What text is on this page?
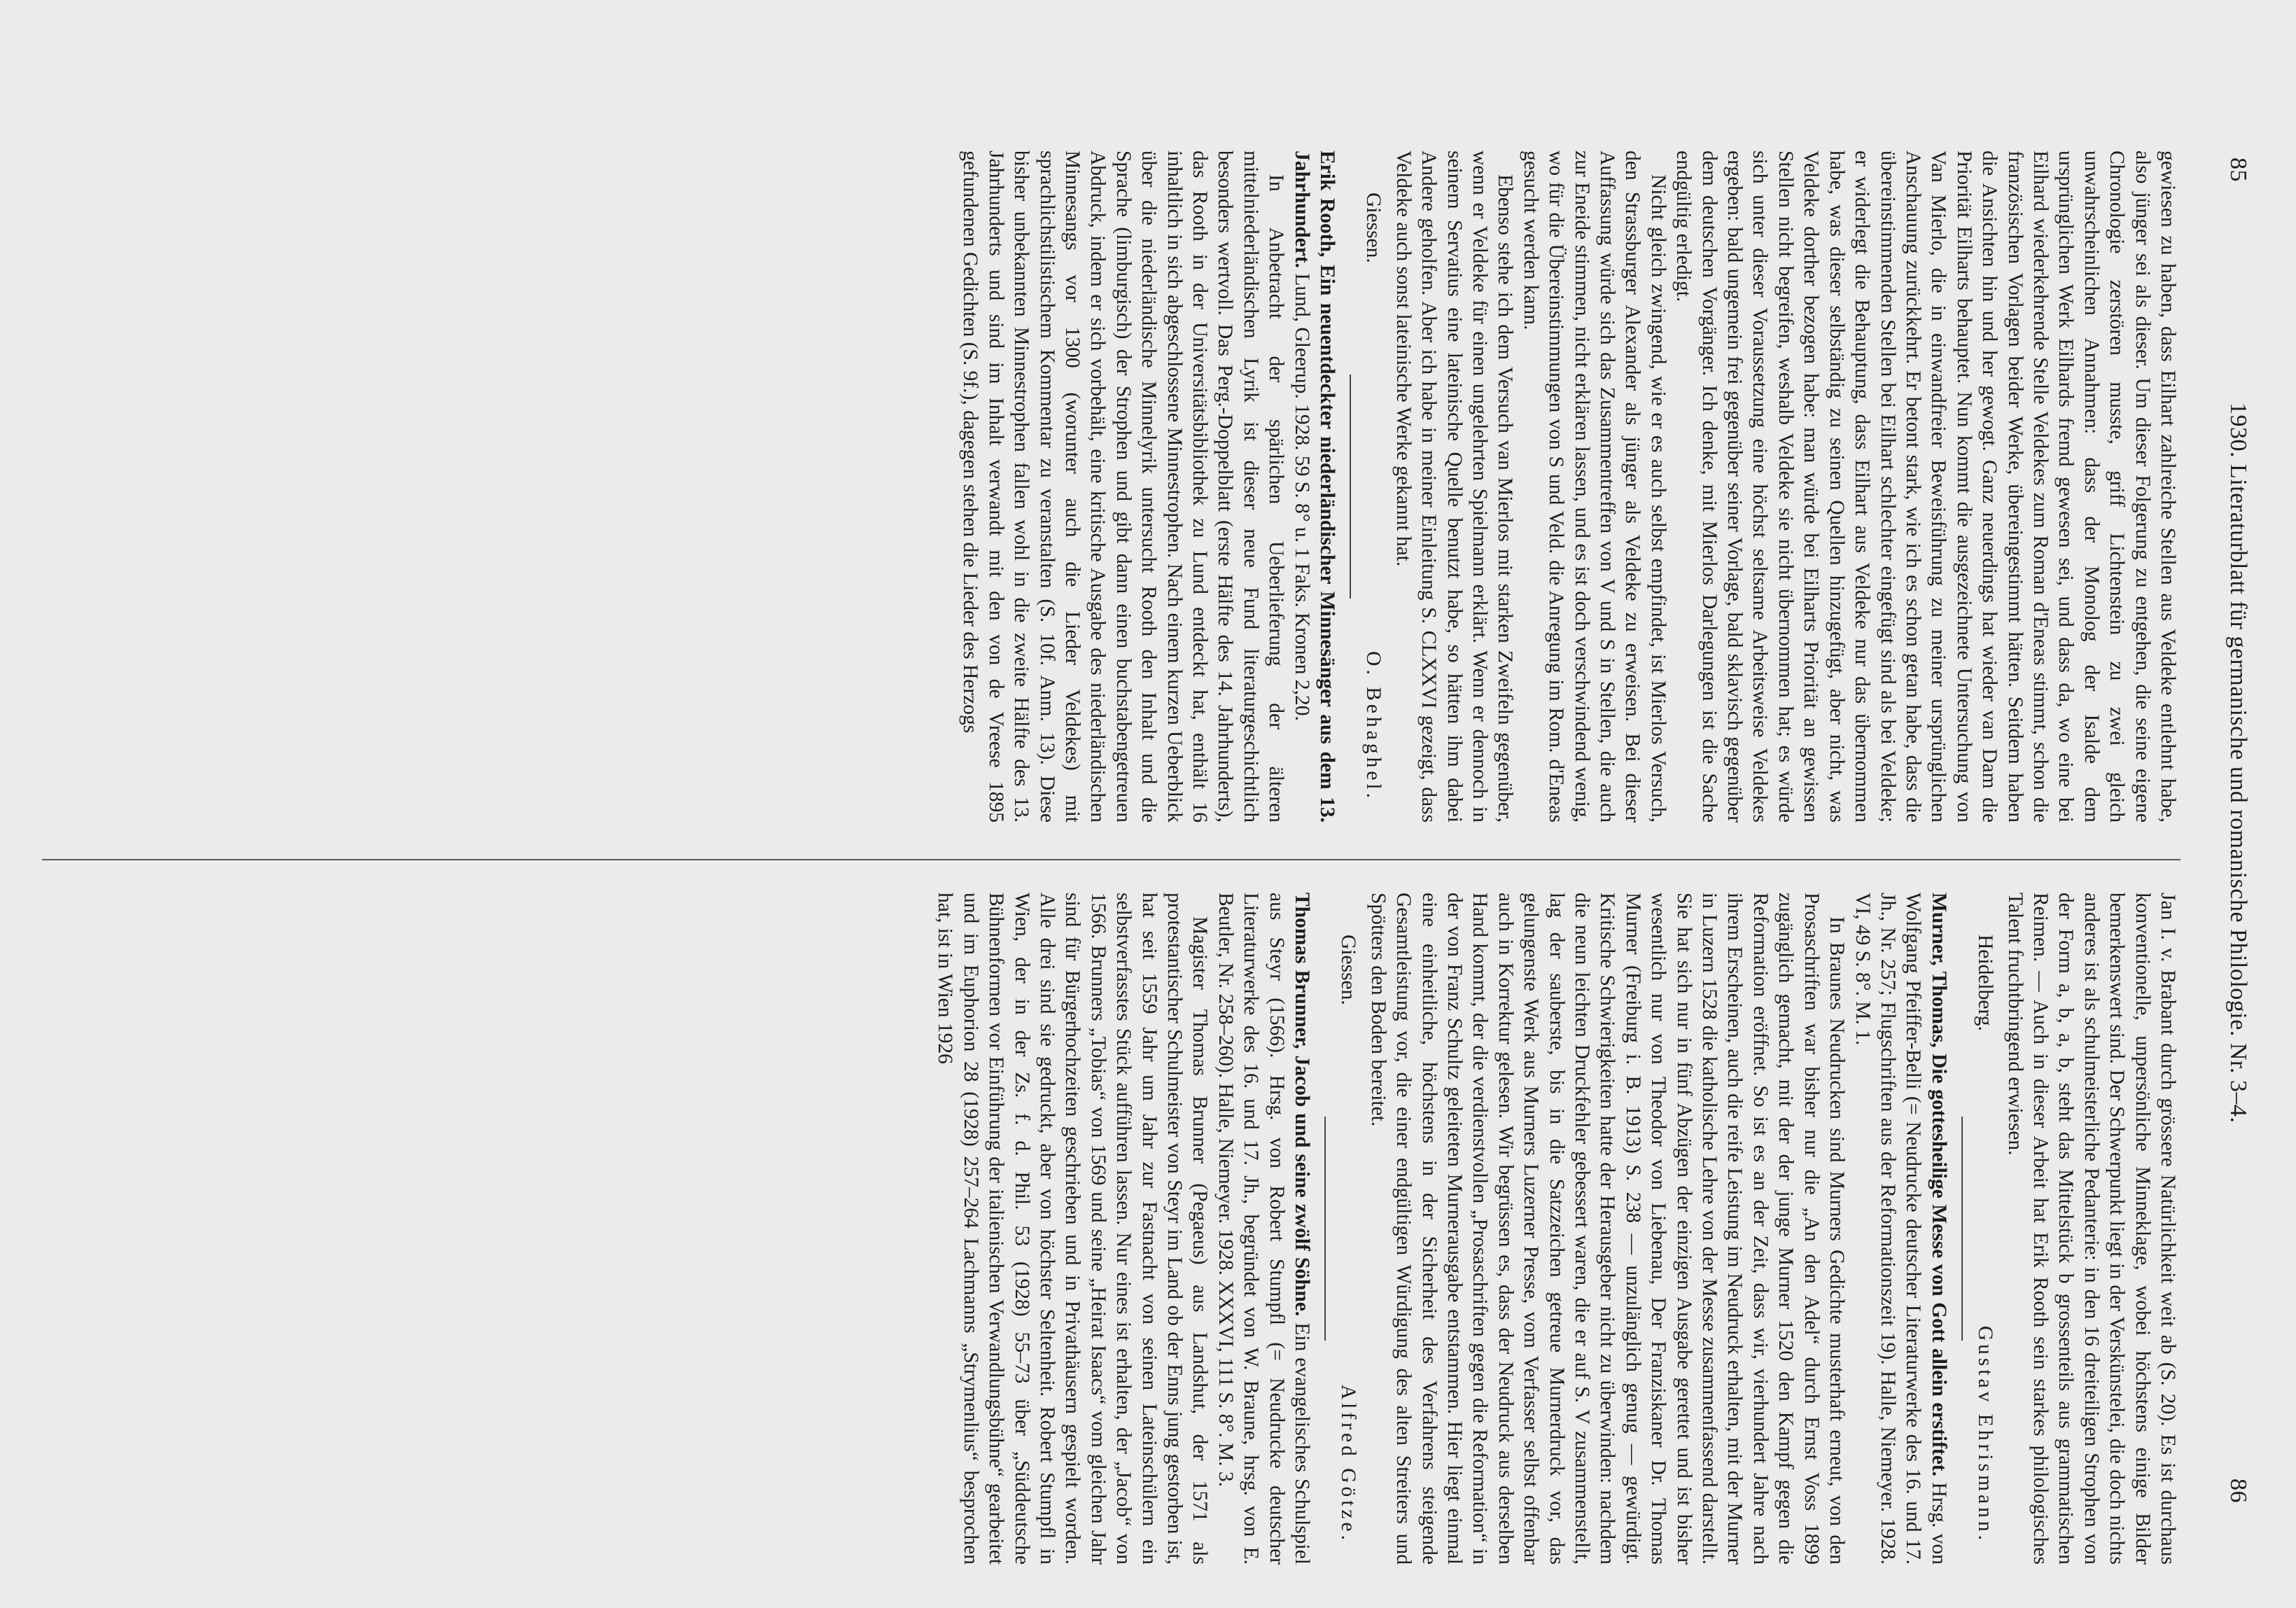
85
1930. Literaturblatt für germanische und romanische Philologie. Nr. 3–4.
86

gewiesen zu haben, dass Eilhart zahlreiche Stellen aus Veldeke entlehnt habe, also jünger sei als dieser. Um dieser Folgerung zu entgehen, die seine eigene Chronologie zerstören musste, griff Lichtenstein zu zwei gleich unwahrscheinlichen Annahmen: dass der Monolog der Isalde dem ursprünglichen Werk Eilhards fremd gewesen sei, und dass da, wo eine bei Eilhard wiederkehrende Stelle Veldekes zum Roman d'Eneas stimmt, schon die französischen Vorlagen beider Werke, übereingestimmt hätten. Seitdem haben die Ansichten hin und her gewogt. Ganz neuerdings hat wieder van Dam die Priorität Eilharts behauptet. Nun kommt die ausgezeichnete Untersuchung von Van Mierlo, die in einwandfreier Beweisführung zu meiner ursprünglichen Anschauung zurückkehrt. Er betont stark, wie ich es schon getan habe, dass die übereinstimmenden Stellen bei Eilhart schlechter eingefügt sind als bei Veldeke; er widerlegt die Behauptung, dass Eilhart aus Veldeke nur das übernommen habe, was dieser selbständig zu seinen Quellen hinzugefügt, aber nicht, was Veldeke dorther bezogen habe: man würde bei Eilharts Priorität an gewissen Stellen nicht begreifen, weshalb Veldeke sie nicht übernommen hat; es würde sich unter dieser Voraussetzung eine höchst seltsame Arbeitsweise Veldekes ergeben: bald ungemein frei gegenüber seiner Vorlage, bald sklavisch gegenüber dem deutschen Vorgänger. Ich denke, mit Mierlos Darlegungen ist die Sache endgültig erledigt.

Nicht gleich zwingend, wie er es auch selbst empfindet, ist Mierlos Versuch, den Strassburger Alexander als jünger als Veldeke zu erweisen. Bei dieser Auffassung würde sich das Zusammentreffen von V und S in Stellen, die auch zur Eneide stimmen, nicht erklären lassen, und es ist doch verschwindend wenig, wo für die Übereinstimmungen von S und Veld. die Anregung im Rom. d'Eneas gesucht werden kann.

Ebenso stehe ich dem Versuch van Mierlos mit starken Zweifeln gegenüber, wenn er Veldeke für einen ungelehrten Spielmann erklärt. Wenn er dennoch in seinem Servatius eine lateinische Quelle benutzt habe, so hätten ihm dabei Andere geholfen. Aber ich habe in meiner Einleitung S. CLXXVI gezeigt, dass Veldeke auch sonst lateinische Werke gekannt hat.

Giessen.
O. Behaghel.

Erik Rooth, Ein neuentdeckter niederländischer Minnesänger aus dem 13. Jahrhundert. Lund, Gleerup. 1928. 59 S. 8° u. 1 Faks. Kronen 2,20.

In Anbetracht der spärlichen Ueberlieferung der älteren mittelniederländischen Lyrik ist dieser neue Fund literaturgeschichtlich besonders wertvoll. Das Perg.-Doppelblatt (erste Hälfte des 14. Jahrhunderts), das Rooth in der Universitätsbibliothek zu Lund entdeckt hat, enthält 16 inhaltlich in sich abgeschlossene Minnestrophen. Nach einem kurzen Ueberblick über die niederländische Minnelyrik untersucht Rooth den Inhalt und die Sprache (limburgisch) der Strophen und gibt dann einen buchstabengetreuen Abdruck, indem er sich vorbehält, eine kritische Ausgabe des niederländischen Minnesangs vor 1300 (worunter auch die Lieder Veldekes) mit sprachlichstilistischem Kommentar zu veranstalten (S. 10f. Anm. 13). Diese bisher unbekannten Minnestrophen fallen wohl in die zweite Hälfte des 13. Jahrhunderts und sind im Inhalt verwandt mit den von de Vreese 1895 gefundenen Gedichten (S. 9f.), dagegen stehen die Lieder des Herzogs

Jan I. v. Brabant durch grössere Natürlichkeit weit ab (S. 20). Es ist durchaus konventionelle, unpersönliche Minneklage, wobei höchstens einige Bilder bemerkenswert sind. Der Schwerpunkt liegt in der Verskünstelei, die doch nichts anderes ist als schulmeisterliche Pedanterie: in den 16 dreiteiligen Strophen von der Form a, b, a, b, steht das Mittelstück b grossenteils aus grammatischen Reimen. — Auch in dieser Arbeit hat Erik Rooth sein starkes philologisches Talent fruchtbringend erwiesen.

Heidelberg.
Gustav Ehrismann.

Murner, Thomas, Die gottesheilige Messe von Gott allein erstiftet. Hrsg. von Wolfgang Pfeiffer-Belli (= Neudrucke deutscher Literaturwerke des 16. und 17. Jh., Nr. 257; Flugschriften aus der Reformationszeit 19). Halle, Niemeyer. 1928. VI, 49 S. 8°. M. 1.

In Braunes Neudrucken sind Murners Gedichte musterhaft erneut, von den Prosaschriften war bisher nur die „An den Adel“ durch Ernst Voss 1899 zugänglich gemacht, mit der der junge Murner 1520 den Kampf gegen die Reformation eröffnet. So ist es an der Zeit, dass wir, vierhundert Jahre nach ihrem Erscheinen, auch die reife Leistung im Neudruck erhalten, mit der Murner in Luzern 1528 die katholische Lehre von der Messe zusammenfassend darstellt. Sie hat sich nur in fünf Abzügen der einzigen Ausgabe gerettet und ist bisher wesentlich nur von Theodor von Liebenau, Der Franziskaner Dr. Thomas Murner (Freiburg i. B. 1913) S. 238 — unzulänglich genug — gewürdigt. Kritische Schwierigkeiten hatte der Herausgeber nicht zu überwinden: nachdem die neun leichten Druckfehler gebessert waren, die er auf S. V zusammenstellt, lag der sauberste, bis in die Satzzeichen getreue Murnerdruck vor, das gelungenste Werk aus Murners Luzerner Presse, vom Verfasser selbst offenbar auch in Korrektur gelesen. Wir begrüssen es, dass der Neudruck aus derselben Hand kommt, der die verdienstvollen „Prosaschriften gegen die Reformation“ in der von Franz Schultz geleiteten Murnerausgabe entstammen. Hier liegt einmal eine einheitliche, höchstens in der Sicherheit des Verfahrens steigende Gesamtleistung vor, die einer endgültigen Würdigung des alten Streiters und Spötters den Boden bereitet.

Giessen.
Alfred Götze.

Thomas Brunner, Jacob und seine zwölf Söhne. Ein evangelisches Schulspiel aus Steyr (1566). Hrsg. von Robert Stumpfl (= Neudrucke deutscher Literaturwerke des 16. und 17. Jh., begründet von W. Braune, hrsg. von E. Beutler, Nr. 258–260). Halle, Niemeyer. 1928. XXXVI, 111 S. 8°. M. 3.

Magister Thomas Brunner (Pegaeus) aus Landshut, der 1571 als protestantischer Schulmeister von Steyr im Land ob der Enns jung gestorben ist, hat seit 1559 Jahr um Jahr zur Fastnacht von seinen Lateinschülern ein selbstverfasstes Stück aufführen lassen. Nur eines ist erhalten, der „Jacob“ von 1566. Brunners „Tobias“ von 1569 und seine „Heirat Isaacs“ vom gleichen Jahr sind für Bürgerhochzeiten geschrieben und in Privathäusern gespielt worden. Alle drei sind sie gedruckt, aber von höchster Seltenheit. Robert Stumpfl in Wien, der in der Zs. f. d. Phil. 53 (1928) 55–73 über „Süddeutsche Bühnenformen vor Einführung der italienischen Verwandlungsbühne“ gearbeitet und im Euphorion 28 (1928) 257–264 Lachmanns „Strymenlius“ besprochen hat, ist in Wien 1926
